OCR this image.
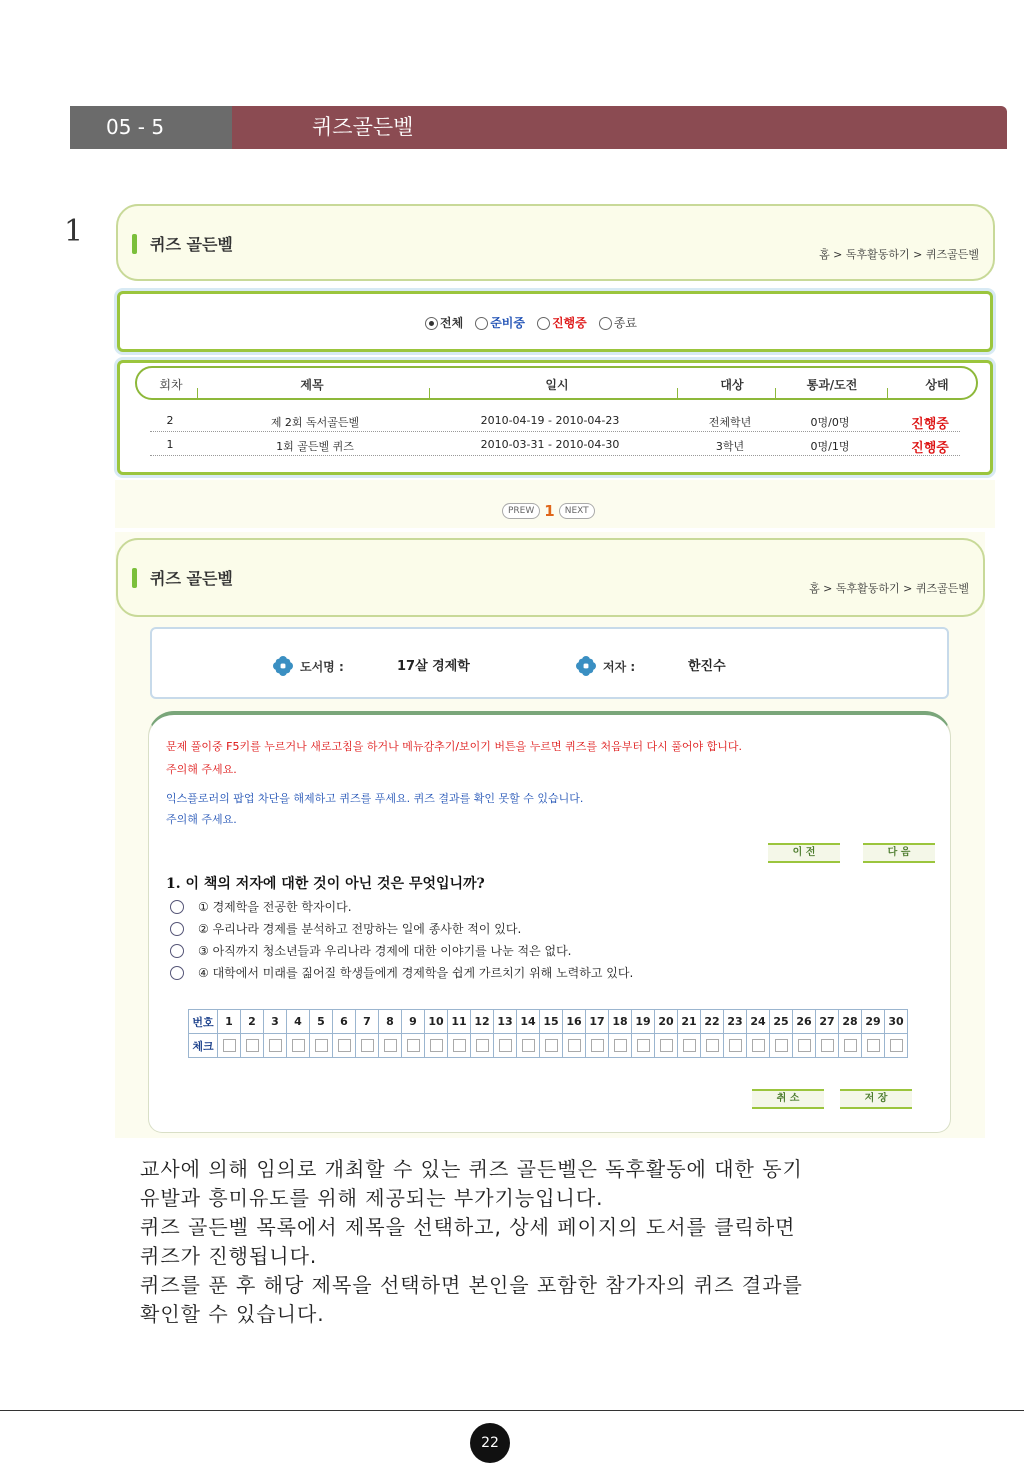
05 - 5	퀴즈골든벨
1	퀴즈 골든벨
홈 > 독후활동하기 > 퀴즈골든벨
전체	준비중	진행중	종료
회차	제목	일시	대상	통과/도전	상태
2	제 2회 독서골든벨	2010-04-19 - 2010-04-23	전체학년	0명/0명	진행중
1	1회 골든벨 퀴즈	2010-03-31 - 2010-04-30	3학년	0명/1명	진행중
PREW 1	NEXT
퀴즈 골든벨
홈 > 독후활동하기 > 퀴즈골든벨
도서명 :	17살 경제학	저자 :	한진수
문제 풀이중 F5키를 누르거나 새로고침을 하거나 메뉴감추기/보이기 버튼을 누르면 퀴즈를 처음부터 다시 풀어야 합니다.
주의해 주세요.
익스플로러의 팝업 차단을 해제하고 퀴즈를 푸세요. 퀴즈 결과를 확인 못할 수 있습니다.
주의해 주세요.
이 전	다 음
1. 이 책의 저자에 대한 것이 아닌 것은 무엇입니까?
① 경제학을 전공한 학자이다.
② 우리나라 경제를 분석하고 전망하는 일에 종사한 적이 있다.
③ 아직까지 청소년들과 우리나라 경제에 대한 이야기를 나눈 적은 없다.
④ 대학에서 미래를 짊어질 학생들에게 경제학을 쉽게 가르치기 위해 노력하고 있다.
번호	1	2	3	4	5	6	7	8	9	10	11	12	13	14	15	16	17	18	19	20	21	22	23	24	25	26	27	28	29	30
체크																														
취 소	저 장
교사에 의해 임의로 개최할 수 있는 퀴즈 골든벨은 독후활동에 대한 동기
유발과 흥미유도를 위해 제공되는 부가기능입니다.
퀴즈 골든벨 목록에서 제목을 선택하고, 상세 페이지의 도서를 클릭하면
퀴즈가 진행됩니다.
퀴즈를 푼 후 해당 제목을 선택하면 본인을 포함한 참가자의 퀴즈 결과를
확인할 수 있습니다.
22
